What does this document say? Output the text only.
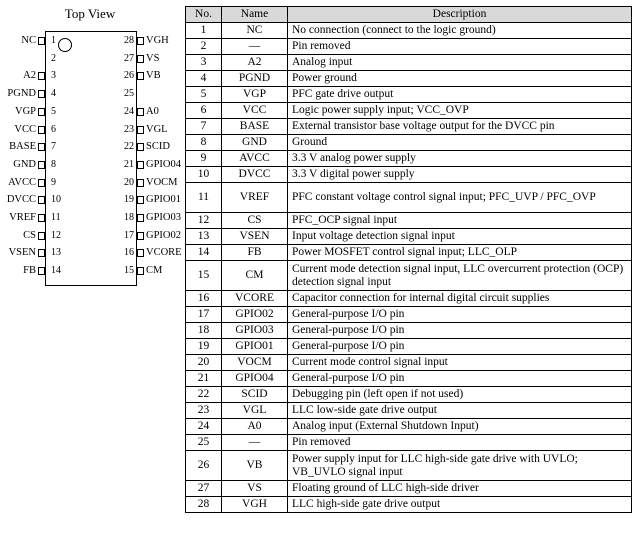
Top View
NC 1
2
A2 3
PGND 4
VGP 5
VCC 6
BASE 7
GND 8
AVCC 9
DVCC 10
VREF 11
CS 12
VSEN 13
FB 14
VGH
28
VS
27
VB
26
25
A0
24
VGL
23
SCID
22
GPIO04
21
VOCM
20
GPIO01
19
GPIO03
18
GPIO02
17
VCORE
16
CM
15
No.	Name	Description
1	NC	No connection (connect to the logic ground)
2	—	Pin removed
3	A2	Analog input
4	PGND	Power ground
5	VGP	PFC gate drive output
6	VCC	Logic power supply input; VCC_OVP
7	BASE	External transistor base voltage output for the DVCC pin
8	GND	Ground
9	AVCC	3.3 V analog power supply
10	DVCC	3.3 V digital power supply
11	VREF	PFC constant voltage control signal input; PFC_UVP / PFC_OVP
12	CS	PFC_OCP signal input
13	VSEN	Input voltage detection signal input
14	FB	Power MOSFET control signal input; LLC_OLP
15	CM	Current mode detection signal input, LLC overcurrent protection (OCP) detection signal input
16	VCORE	Capacitor connection for internal digital circuit supplies
17	GPIO02	General-purpose I/O pin
18	GPIO03	General-purpose I/O pin
19	GPIO01	General-purpose I/O pin
20	VOCM	Current mode control signal input
21	GPIO04	General-purpose I/O pin
22	SCID	Debugging pin (left open if not used)
23	VGL	LLC low-side gate drive output
24	A0	Analog input (External Shutdown Input)
25	—	Pin removed
26	VB	Power supply input for LLC high-side gate drive with UVLO; VB_UVLO signal input
27	VS	Floating ground of LLC high-side driver
28	VGH	LLC high-side gate drive output
